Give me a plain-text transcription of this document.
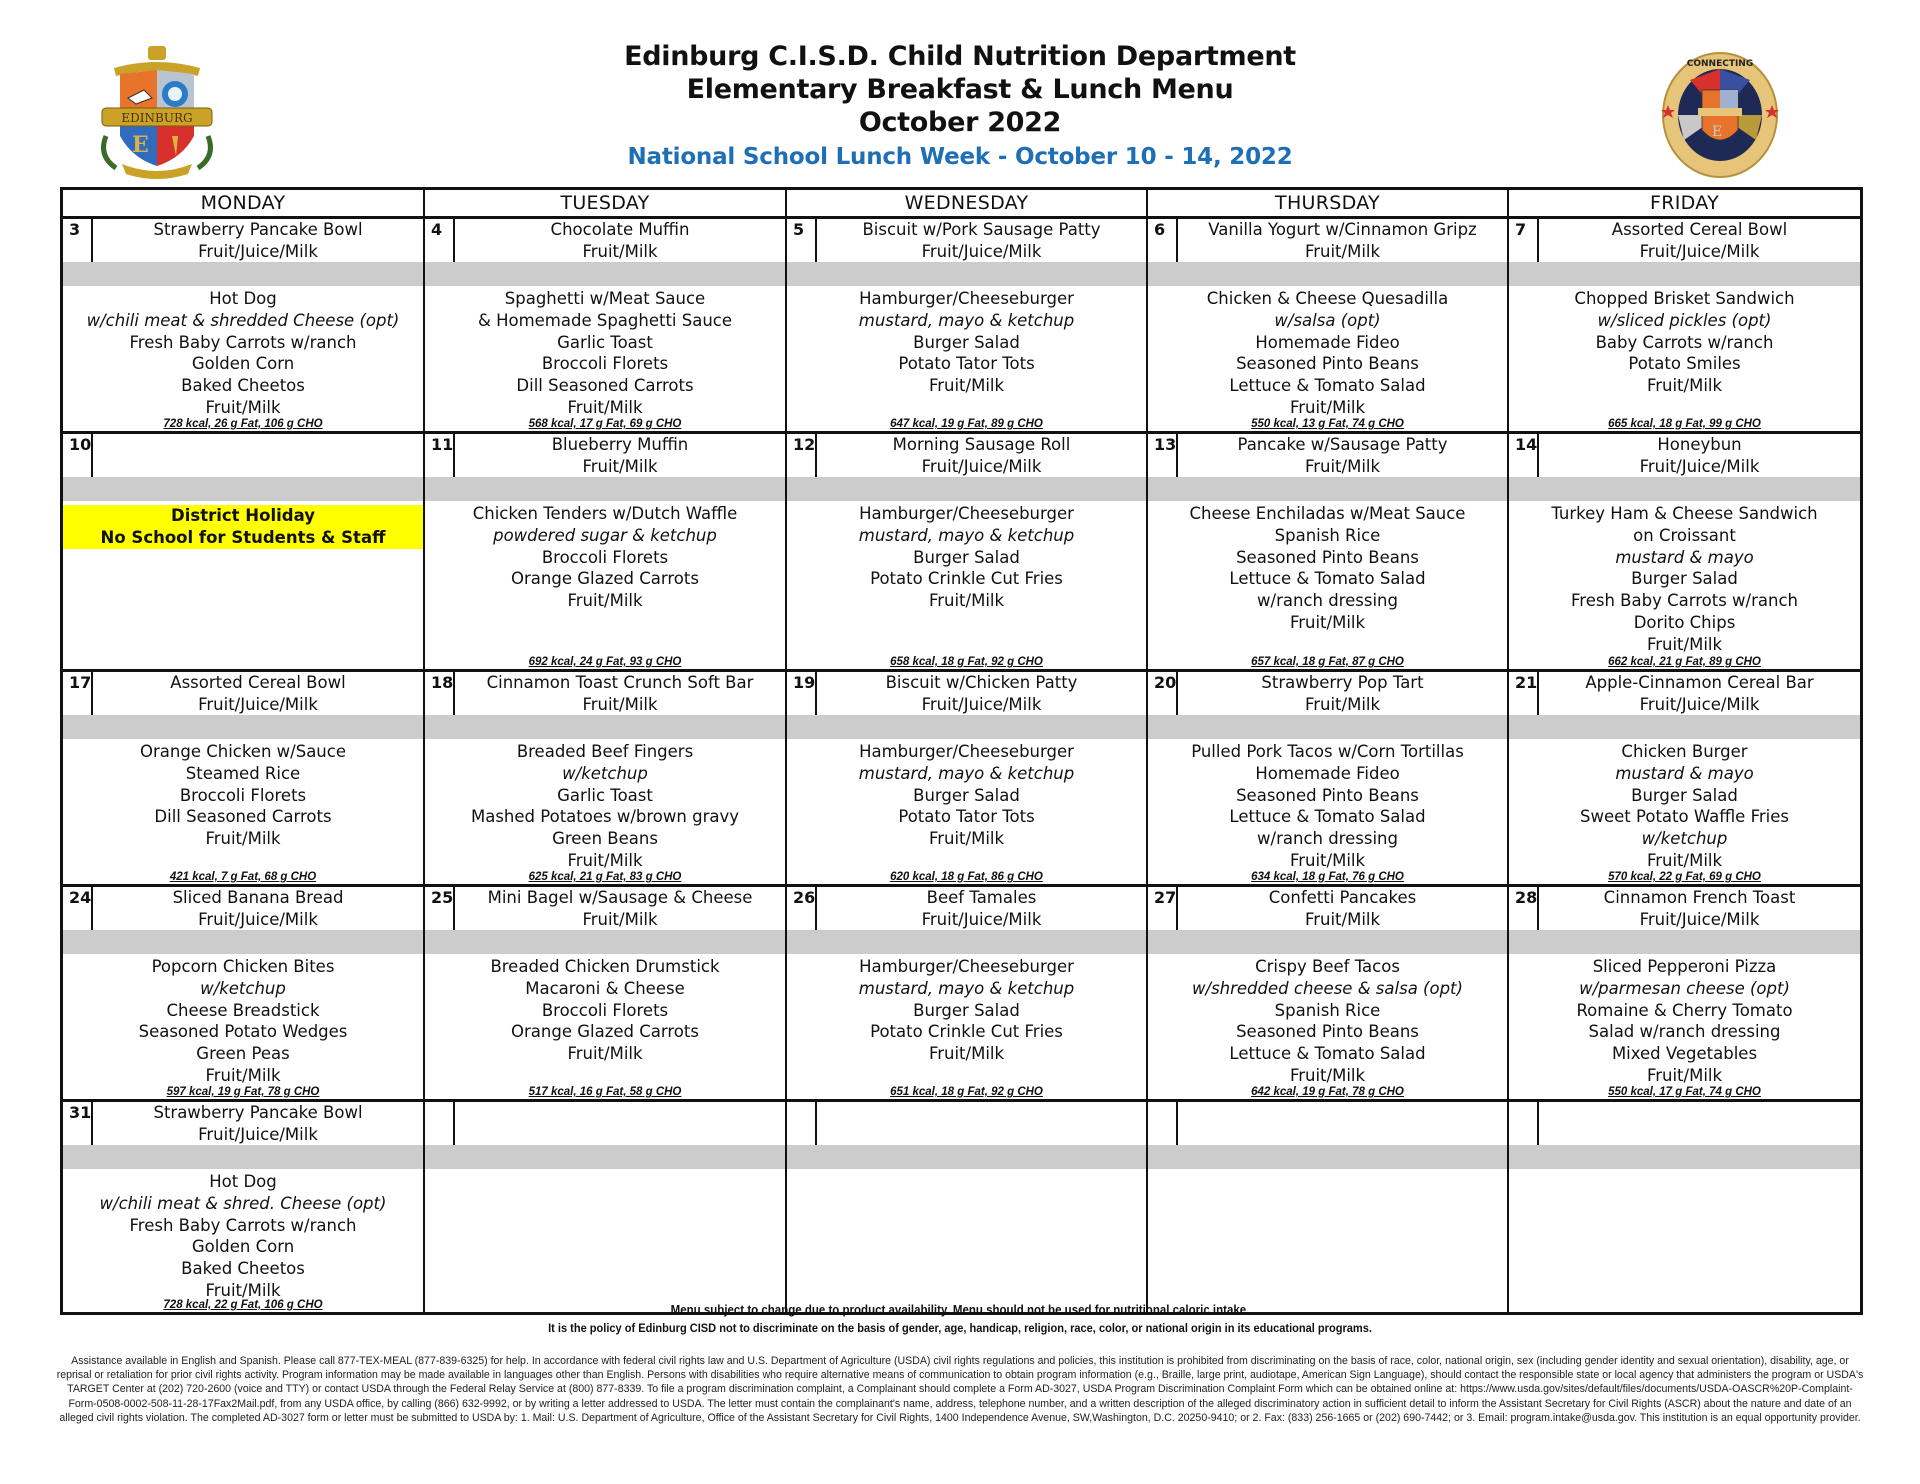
E
EDINBURG
Edinburg C.I.S.D. Child Nutrition Department
Elementary Breakfast & Lunch Menu
October 2022
National School Lunch Week - October 10 - 14, 2022
E
CONNECTING
MONDAY	TUESDAY	WEDNESDAY	THURSDAY	FRIDAY
3	Strawberry Pancake Bowl
Fruit/Juice/Milk
Hot Dog
w/chili meat & shredded Cheese (opt)
Fresh Baby Carrots w/ranch
Golden Corn
Baked Cheetos
Fruit/Milk
728 kcal, 26 g Fat, 106 g CHO
4	Chocolate Muffin
Fruit/Milk
Spaghetti w/Meat Sauce
& Homemade Spaghetti Sauce
Garlic Toast
Broccoli Florets
Dill Seasoned Carrots
Fruit/Milk
568 kcal, 17 g Fat, 69 g CHO
5	Biscuit w/Pork Sausage Patty
Fruit/Juice/Milk
Hamburger/Cheeseburger
mustard, mayo & ketchup
Burger Salad
Potato Tator Tots
Fruit/Milk
647 kcal, 19 g Fat, 89 g CHO
6	Vanilla Yogurt w/Cinnamon Gripz
Fruit/Milk
Chicken & Cheese Quesadilla
w/salsa (opt)
Homemade Fideo
Seasoned Pinto Beans
Lettuce & Tomato Salad
Fruit/Milk
550 kcal, 13 g Fat, 74 g CHO
7	Assorted Cereal Bowl
Fruit/Juice/Milk
Chopped Brisket Sandwich
w/sliced pickles (opt)
Baby Carrots w/ranch
Potato Smiles
Fruit/Milk
665 kcal, 18 g Fat, 99 g CHO
10
District Holiday
No School for Students & Staff
11	Blueberry Muffin
Fruit/Milk
Chicken Tenders w/Dutch Waffle
powdered sugar & ketchup
Broccoli Florets
Orange Glazed Carrots
Fruit/Milk
692 kcal, 24 g Fat, 93 g CHO
12	Morning Sausage Roll
Fruit/Juice/Milk
Hamburger/Cheeseburger
mustard, mayo & ketchup
Burger Salad
Potato Crinkle Cut Fries
Fruit/Milk
658 kcal, 18 g Fat, 92 g CHO
13	Pancake w/Sausage Patty
Fruit/Milk
Cheese Enchiladas w/Meat Sauce
Spanish Rice
Seasoned Pinto Beans
Lettuce & Tomato Salad
w/ranch dressing
Fruit/Milk
657 kcal, 18 g Fat, 87 g CHO
14	Honeybun
Fruit/Juice/Milk
Turkey Ham & Cheese Sandwich
on Croissant
mustard & mayo
Burger Salad
Fresh Baby Carrots w/ranch
Dorito Chips
Fruit/Milk
662 kcal, 21 g Fat, 89 g CHO
17	Assorted Cereal Bowl
Fruit/Juice/Milk
Orange Chicken w/Sauce
Steamed Rice
Broccoli Florets
Dill Seasoned Carrots
Fruit/Milk
421 kcal, 7 g Fat, 68 g CHO
18	Cinnamon Toast Crunch Soft Bar
Fruit/Milk
Breaded Beef Fingers
w/ketchup
Garlic Toast
Mashed Potatoes w/brown gravy
Green Beans
Fruit/Milk
625 kcal, 21 g Fat, 83 g CHO
19	Biscuit w/Chicken Patty
Fruit/Juice/Milk
Hamburger/Cheeseburger
mustard, mayo & ketchup
Burger Salad
Potato Tator Tots
Fruit/Milk
620 kcal, 18 g Fat, 86 g CHO
20	Strawberry Pop Tart
Fruit/Milk
Pulled Pork Tacos w/Corn Tortillas
Homemade Fideo
Seasoned Pinto Beans
Lettuce & Tomato Salad
w/ranch dressing
Fruit/Milk
634 kcal, 18 g Fat, 76 g CHO
21	Apple-Cinnamon Cereal Bar
Fruit/Juice/Milk
Chicken Burger
mustard & mayo
Burger Salad
Sweet Potato Waffle Fries
w/ketchup
Fruit/Milk
570 kcal, 22 g Fat, 69 g CHO
24	Sliced Banana Bread
Fruit/Juice/Milk
Popcorn Chicken Bites
w/ketchup
Cheese Breadstick
Seasoned Potato Wedges
Green Peas
Fruit/Milk
597 kcal, 19 g Fat, 78 g CHO
25	Mini Bagel w/Sausage & Cheese
Fruit/Milk
Breaded Chicken Drumstick
Macaroni & Cheese
Broccoli Florets
Orange Glazed Carrots
Fruit/Milk
517 kcal, 16 g Fat, 58 g CHO
26	Beef Tamales
Fruit/Juice/Milk
Hamburger/Cheeseburger
mustard, mayo & ketchup
Burger Salad
Potato Crinkle Cut Fries
Fruit/Milk
651 kcal, 18 g Fat, 92 g CHO
27	Confetti Pancakes
Fruit/Milk
Crispy Beef Tacos
w/shredded cheese & salsa (opt)
Spanish Rice
Seasoned Pinto Beans
Lettuce & Tomato Salad
Fruit/Milk
642 kcal, 19 g Fat, 78 g CHO
28	Cinnamon French Toast
Fruit/Juice/Milk
Sliced Pepperoni Pizza
w/parmesan cheese (opt)
Romaine & Cherry Tomato
Salad w/ranch dressing
Mixed Vegetables
Fruit/Milk
550 kcal, 17 g Fat, 74 g CHO
31	Strawberry Pancake Bowl
Fruit/Juice/Milk
Hot Dog
w/chili meat & shred. Cheese (opt)
Fresh Baby Carrots w/ranch
Golden Corn
Baked Cheetos
Fruit/Milk
728 kcal, 22 g Fat, 106 g CHO	Menu subject to change due to product availability. Menu should not be used for nutritional caloric intake.
It is the policy of Edinburg CISD not to discriminate on the basis of gender, age, handicap, religion, race, color, or national origin in its educational programs.
Assistance available in English and Spanish. Please call 877-TEX-MEAL (877-839-6325) for help. In accordance with federal civil rights law and U.S. Department of Agriculture (USDA) civil rights regulations and policies, this institution is prohibited from discriminating on the basis of race, color, national origin, sex (including gender identity and sexual orientation), disability, age, or reprisal or retaliation for prior civil rights activity. Program information may be made available in languages other than English. Persons with disabilities who require alternative means of communication to obtain program information (e.g., Braille, large print, audiotape, American Sign Language), should contact the responsible state or local agency that administers the program or USDA's TARGET Center at (202) 720-2600 (voice and TTY) or contact USDA through the Federal Relay Service at (800) 877-8339. To file a program discrimination complaint, a Complainant should complete a Form AD-3027, USDA Program Discrimination Complaint Form which can be obtained online at: https://www.usda.gov/sites/default/files/documents/USDA-OASCR%20P-Complaint-Form-0508-0002-508-11-28-17Fax2Mail.pdf, from any USDA office, by calling (866) 632-9992, or by writing a letter addressed to USDA. The letter must contain the complainant's name, address, telephone number, and a written description of the alleged discriminatory action in sufficient detail to inform the Assistant Secretary for Civil Rights (ASCR) about the nature and date of an alleged civil rights violation. The completed AD-3027 form or letter must be submitted to USDA by: 1. Mail: U.S. Department of Agriculture, Office of the Assistant Secretary for Civil Rights, 1400 Independence Avenue, SW,Washington, D.C. 20250-9410; or 2. Fax: (833) 256-1665 or (202) 690-7442; or 3. Email: program.intake@usda.gov. This institution is an equal opportunity provider.
